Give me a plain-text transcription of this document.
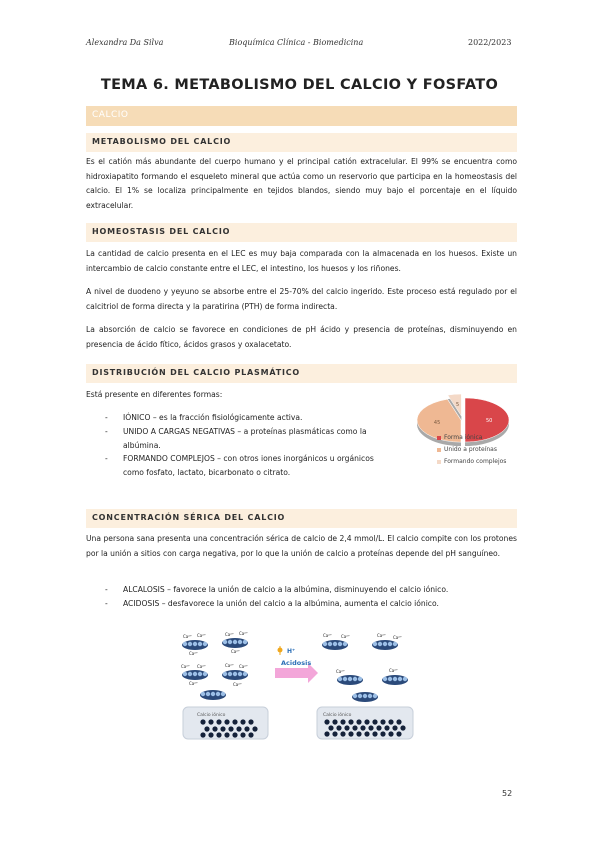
Alexandra Da Silva	Bioquímica Clínica - Biomedicina	2022/2023
TEMA 6. METABOLISMO DEL CALCIO Y FOSFATO
CALCIO
METABOLISMO DEL CALCIO
Es el catión más abundante del cuerpo humano y el principal catión extracelular. El 99% se encuentra como hidroxiapatito formando el esqueleto mineral que actúa como un reservorio que participa en la homeostasis del calcio. El 1% se localiza principalmente en tejidos blandos, siendo muy bajo el porcentaje en el líquido extracelular.
HOMEOSTASIS DEL CALCIO
La cantidad de calcio presenta en el LEC es muy baja comparada con la almacenada en los huesos. Existe un intercambio de calcio constante entre el LEC, el intestino, los huesos y los riñones.
A nivel de duodeno y yeyuno se absorbe entre el 25-70% del calcio ingerido. Este proceso está regulado por el calcitriol de forma directa y la paratirina (PTH) de forma indirecta.
La absorción de calcio se favorece en condiciones de pH ácido y presencia de proteínas, disminuyendo en presencia de ácido fítico, ácidos grasos y oxalacetato.
DISTRIBUCIÓN DEL CALCIO PLASMÁTICO
Está presente en diferentes formas:
- IÓNICO – es la fracción fisiológicamente activa.
- UNIDO A CARGAS NEGATIVAS – a proteínas plasmáticas como la albúmina.
- FORMANDO COMPLEJOS – con otros iones inorgánicos u orgánicos como fosfato, lactato, bicarbonato o citrato.
50
45
5
Forma iónica
Unido a proteínas
Formando complejos
CONCENTRACIÓN SÉRICA DEL CALCIO
Una persona sana presenta una concentración sérica de calcio de 2,4 mmol/L. El calcio compite con los protones por la unión a sitios con carga negativa, por lo que la unión de calcio a proteínas depende del pH sanguíneo.
- ALCALOSIS – favorece la unión de calcio a la albúmina, disminuyendo el calcio iónico.
- ACIDOSIS – desfavorece la unión del calcio a la albúmina, aumenta el calcio iónico.
Ca²⁺ Ca²⁺
Ca²⁺
Ca²⁺ Ca²⁺
Ca²⁺
Ca²⁺ Ca²⁺
Ca²⁺
Ca²⁺ Ca²⁺
Ca²⁺
Ca²⁺ Ca²⁺	Ca²⁺ Ca²⁺
Ca²⁺	Ca²⁺
H⁺
Acidosis
Calcio iónico	Calcio iónico
52
